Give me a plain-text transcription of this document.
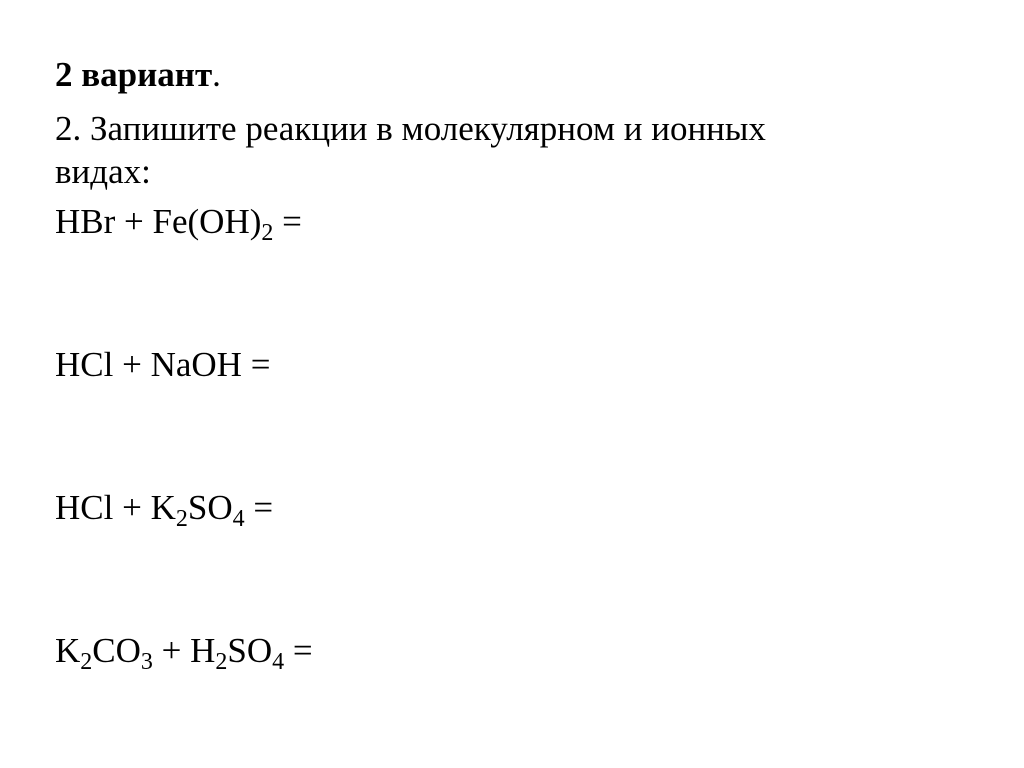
2 вариант.
2. Запишите реакции в молекулярном и ионных
видах:
HBr + $Fe(OH)_2$ =
HCl + NaOH =
HCl + $K_2SO_4$ =
$K_2CO_3 + H_2SO_4$ =
